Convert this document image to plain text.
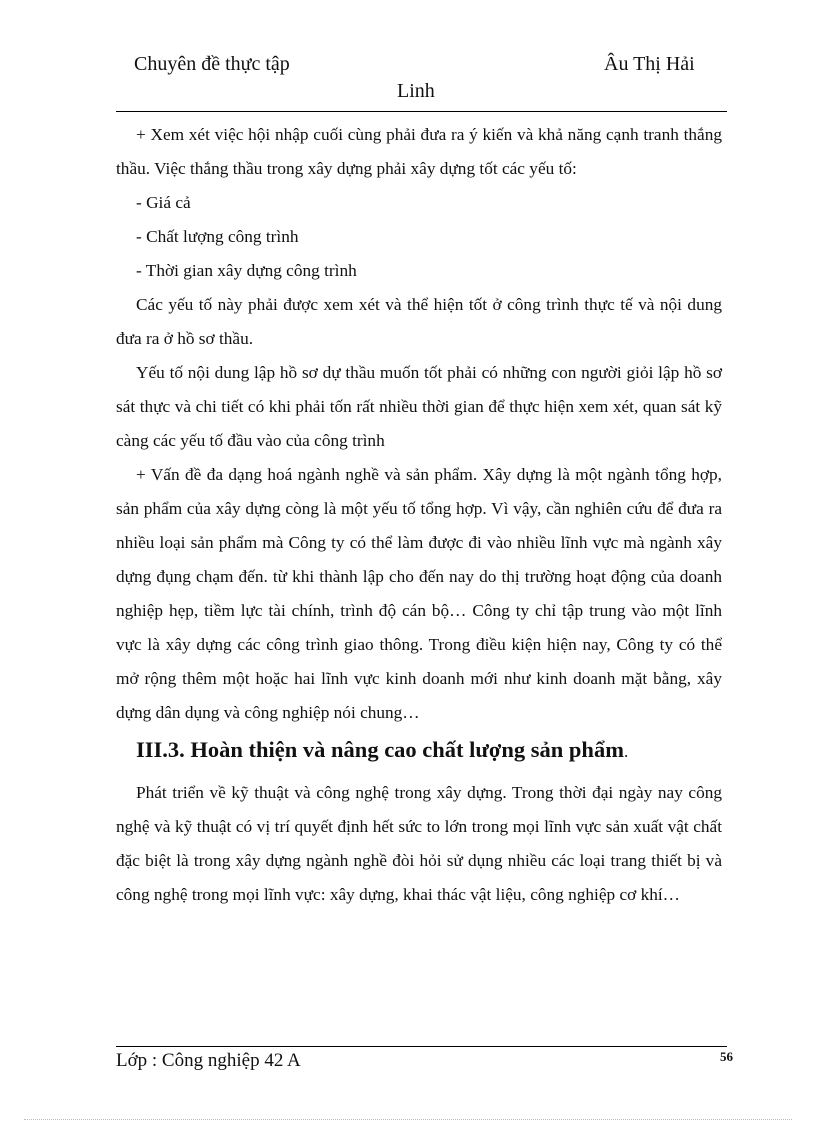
Chuyên đề thực tập	Âu Thị Hải
Linh

+ Xem xét việc hội nhập cuối cùng phải đưa ra ý kiến và khả năng cạnh tranh thắng thầu. Việc thắng thầu trong xây dựng phải xây dựng tốt các yếu tố:

- Giá cả

- Chất lượng công trình

- Thời gian xây dựng công trình

Các yếu tố này phải được xem xét và thể hiện tốt ở công trình thực tế và nội dung đưa ra ở hồ sơ thầu.

Yếu tố nội dung lập hồ sơ dự thầu muốn tốt phải có những con người giỏi lập hồ sơ sát thực và chi tiết có khi phải tốn rất nhiều thời gian để thực hiện xem xét, quan sát kỹ càng các yếu tố đầu vào của công trình

+ Vấn đề đa dạng hoá ngành nghề và sản phẩm. Xây dựng là một ngành tổng hợp, sản phẩm của xây dựng còng là một yếu tố tổng hợp. Vì vậy, cần nghiên cứu để đưa ra nhiều loại sản phẩm mà Công ty có thể làm được đi vào nhiều lĩnh vực mà ngành xây dựng đụng chạm đến. từ khi thành lập cho đến nay do thị trường hoạt động của doanh nghiệp hẹp, tiềm lực tài chính, trình độ cán bộ… Công ty chỉ tập trung vào một lĩnh vực là xây dựng các công trình giao thông. Trong điều kiện hiện nay, Công ty có thể mở rộng thêm một hoặc hai lĩnh vực kinh doanh mới như kinh doanh mặt bằng, xây dựng dân dụng và công nghiệp nói chung…

III.3. Hoàn thiện và nâng cao chất lượng sản phẩm.

Phát triển về kỹ thuật và công nghệ trong xây dựng. Trong thời đại ngày nay công nghệ và kỹ thuật có vị trí quyết định hết sức to lớn trong mọi lĩnh vực sản xuất vật chất đặc biệt là trong xây dựng ngành nghề đòi hỏi sử dụng nhiều các loại trang thiết bị và công nghệ trong mọi lĩnh vực: xây dựng, khai thác vật liệu, công nghiệp cơ khí…

Lớp : Công nghiệp 42 A	56
